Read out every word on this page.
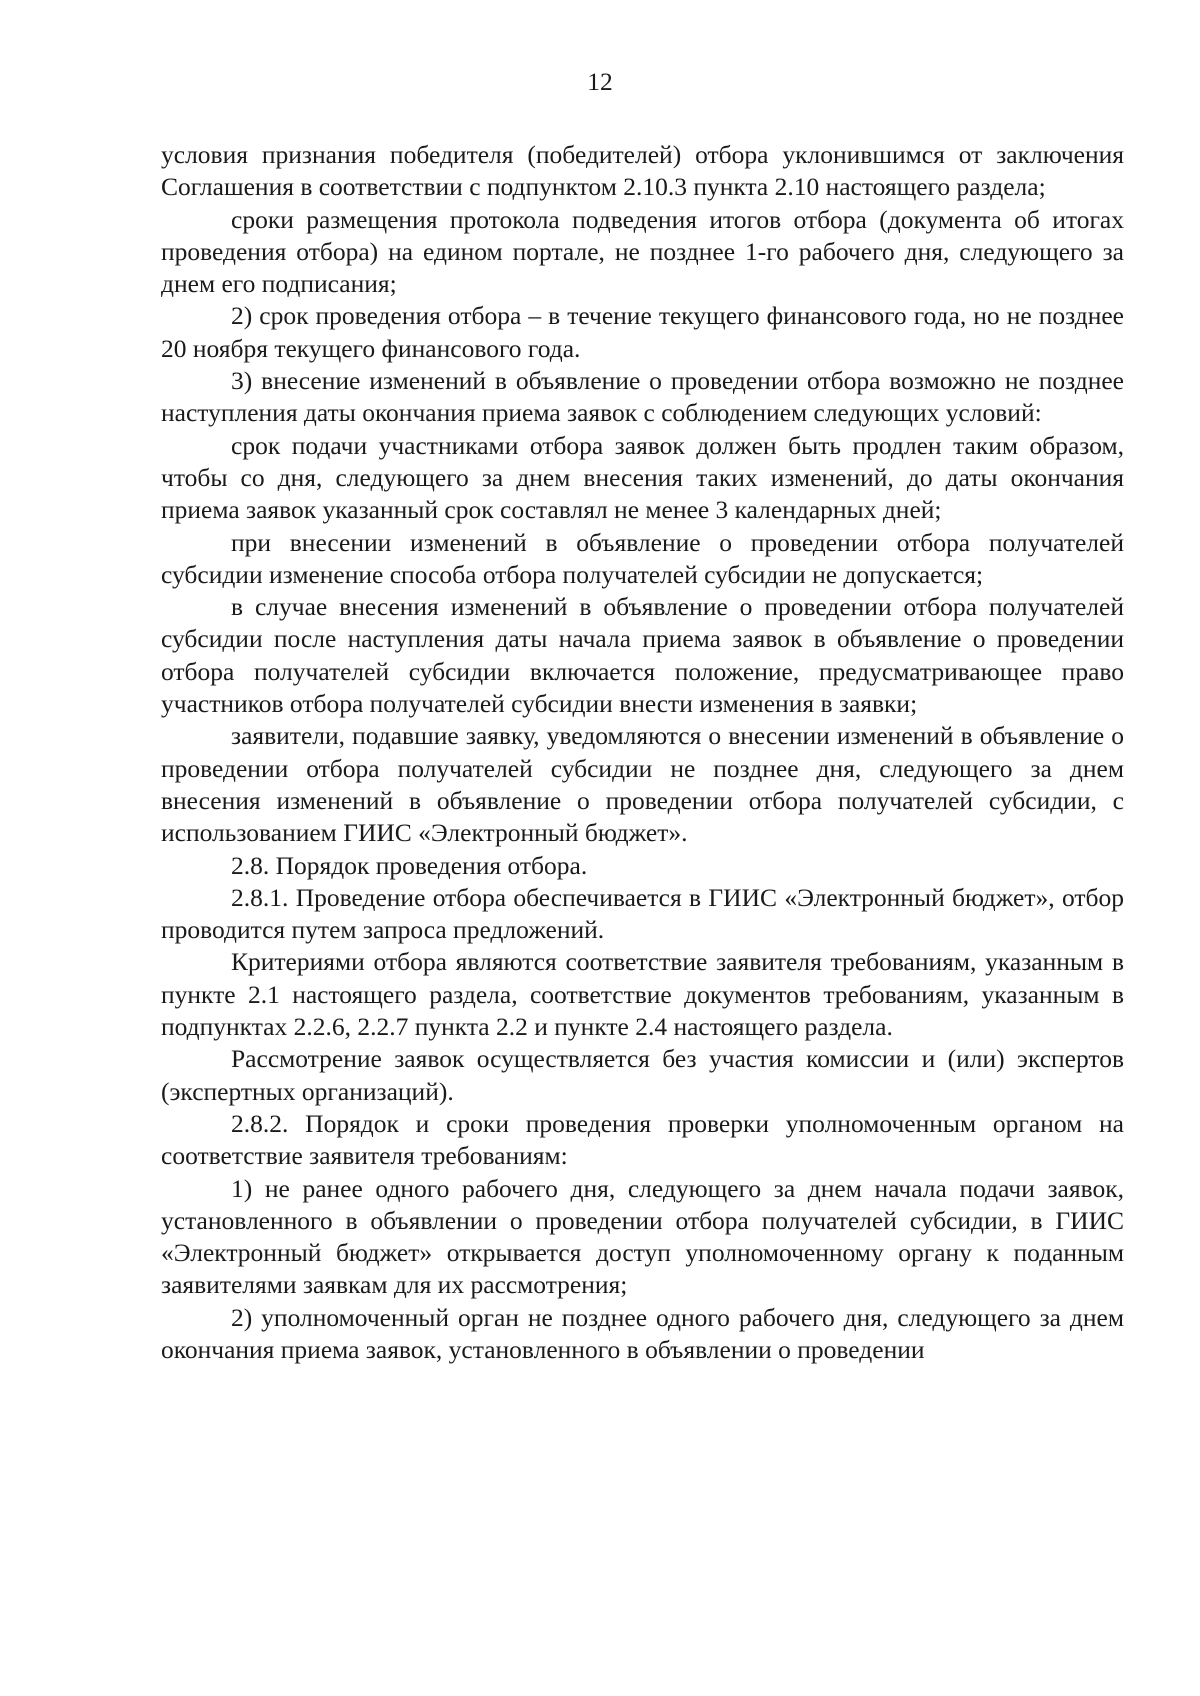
12

условия признания победителя (победителей) отбора уклонившимся от заключения Соглашения в соответствии с подпунктом 2.10.3 пункта 2.10 настоящего раздела;

сроки размещения протокола подведения итогов отбора (документа об итогах проведения отбора) на едином портале, не позднее 1-го рабочего дня, следующего за днем его подписания;

2) срок проведения отбора – в течение текущего финансового года, но не позднее 20 ноября текущего финансового года.

3) внесение изменений в объявление о проведении отбора возможно не позднее наступления даты окончания приема заявок с соблюдением следующих условий:

срок подачи участниками отбора заявок должен быть продлен таким образом, чтобы со дня, следующего за днем внесения таких изменений, до даты окончания приема заявок указанный срок составлял не менее 3 календарных дней;

при внесении изменений в объявление о проведении отбора получателей субсидии изменение способа отбора получателей субсидии не допускается;

в случае внесения изменений в объявление о проведении отбора получателей субсидии после наступления даты начала приема заявок в объявление о проведении отбора получателей субсидии включается положение, предусматривающее право участников отбора получателей субсидии внести изменения в заявки;

заявители, подавшие заявку, уведомляются о внесении изменений в объявление о проведении отбора получателей субсидии не позднее дня, следующего за днем внесения изменений в объявление о проведении отбора получателей субсидии, с использованием ГИИС «Электронный бюджет».

2.8. Порядок проведения отбора.

2.8.1. Проведение отбора обеспечивается в ГИИС «Электронный бюджет», отбор проводится путем запроса предложений.

Критериями отбора являются соответствие заявителя требованиям, указанным в пункте 2.1 настоящего раздела, соответствие документов требованиям, указанным в подпунктах 2.2.6, 2.2.7 пункта 2.2 и пункте 2.4 настоящего раздела.

Рассмотрение заявок осуществляется без участия комиссии и (или) экспертов (экспертных организаций).

2.8.2. Порядок и сроки проведения проверки уполномоченным органом на соответствие заявителя требованиям:

1) не ранее одного рабочего дня, следующего за днем начала подачи заявок, установленного в объявлении о проведении отбора получателей субсидии, в ГИИС «Электронный бюджет» открывается доступ уполномоченному органу к поданным заявителями заявкам для их рассмотрения;

2) уполномоченный орган не позднее одного рабочего дня, следующего за днем окончания приема заявок, установленного в объявлении о проведении
